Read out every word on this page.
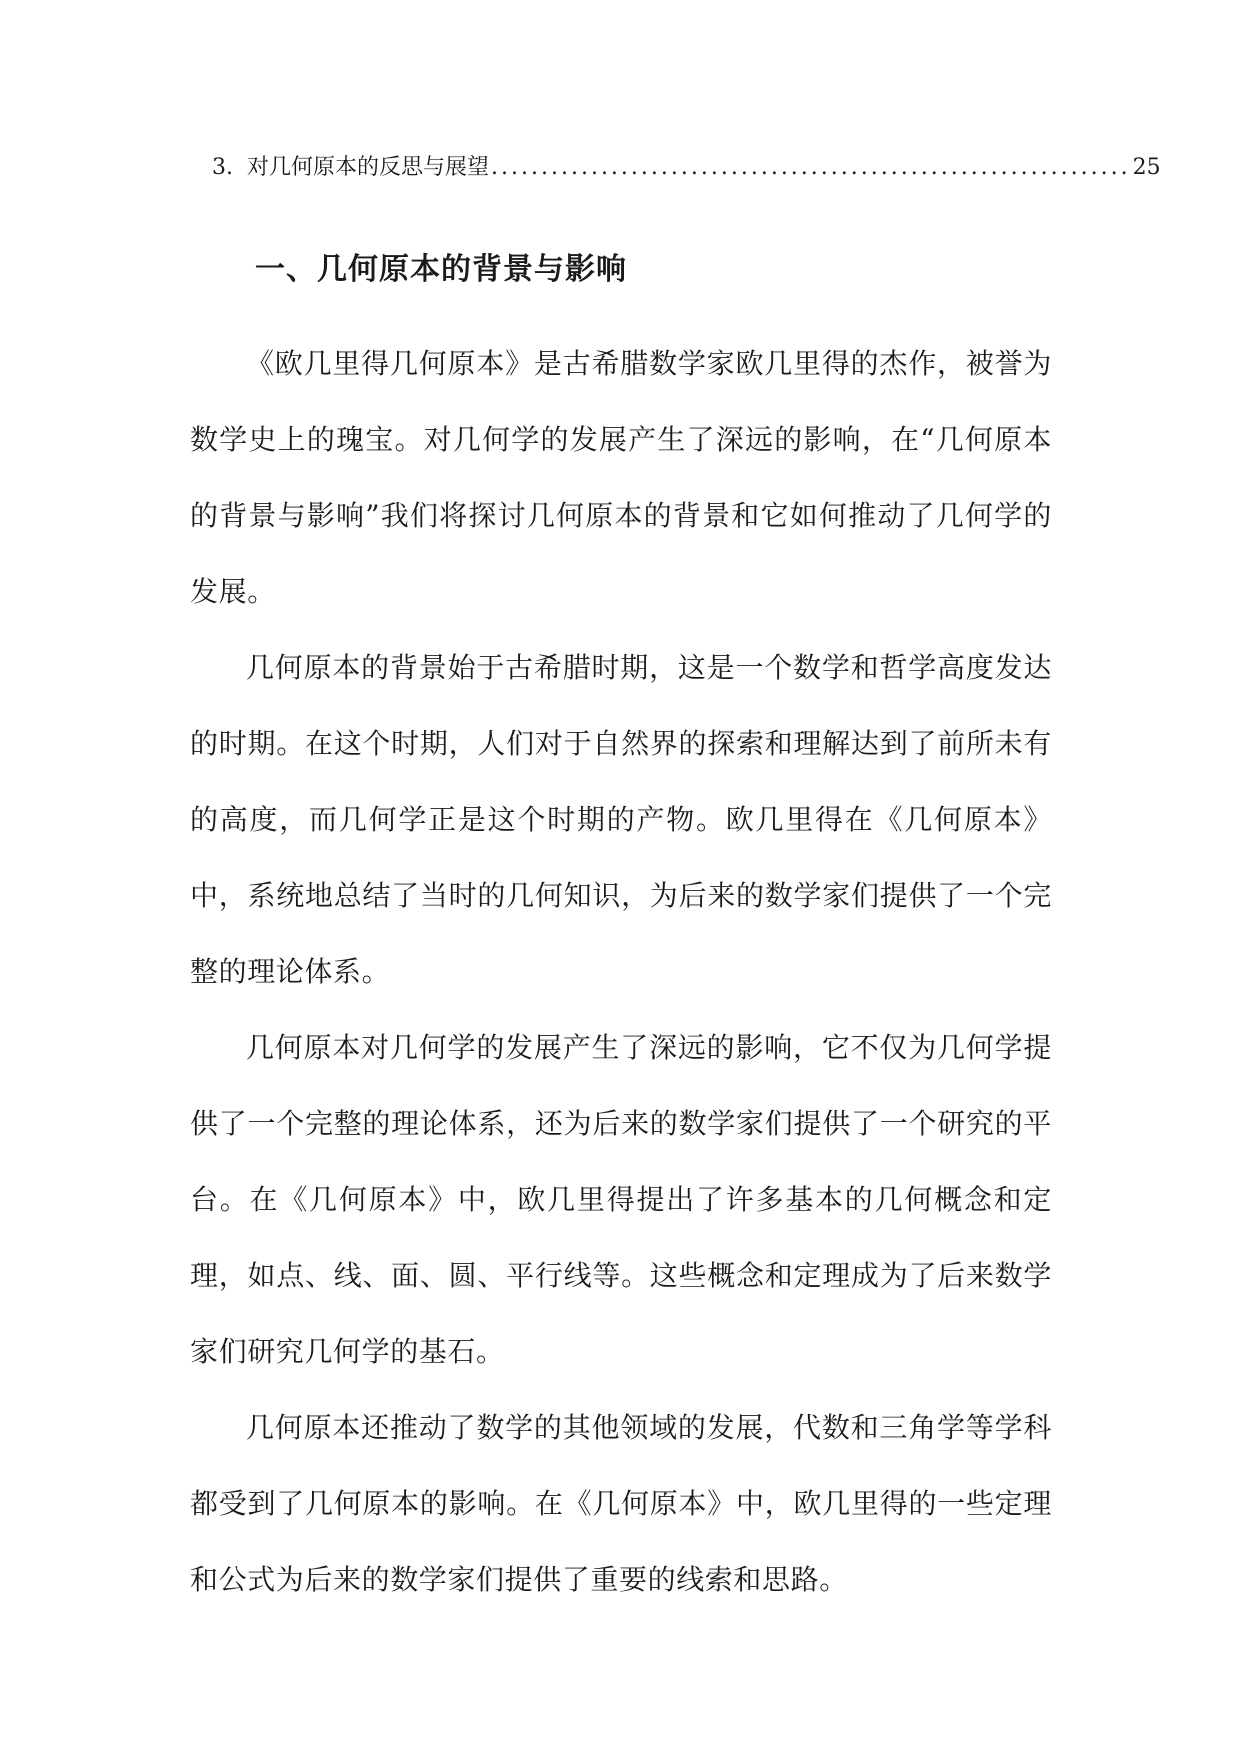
3. 对几何原本的反思与展望 ................................................................ 25
一、几何原本的背景与影响

《欧几里得几何原本》是古希腊数学家欧几里得的杰作，被誉为数学史上的瑰宝。对几何学的发展产生了深远的影响，在“几何原本的背景与影响”我们将探讨几何原本的背景和它如何推动了几何学的发展。

几何原本的背景始于古希腊时期，这是一个数学和哲学高度发达的时期。在这个时期，人们对于自然界的探索和理解达到了前所未有的高度，而几何学正是这个时期的产物。欧几里得在《几何原本》中，系统地总结了当时的几何知识，为后来的数学家们提供了一个完整的理论体系。

几何原本对几何学的发展产生了深远的影响，它不仅为几何学提供了一个完整的理论体系，还为后来的数学家们提供了一个研究的平台。在《几何原本》中，欧几里得提出了许多基本的几何概念和定理，如点、线、面、圆、平行线等。这些概念和定理成为了后来数学家们研究几何学的基石。

几何原本还推动了数学的其他领域的发展，代数和三角学等学科都受到了几何原本的影响。在《几何原本》中，欧几里得的一些定理和公式为后来的数学家们提供了重要的线索和思路。
